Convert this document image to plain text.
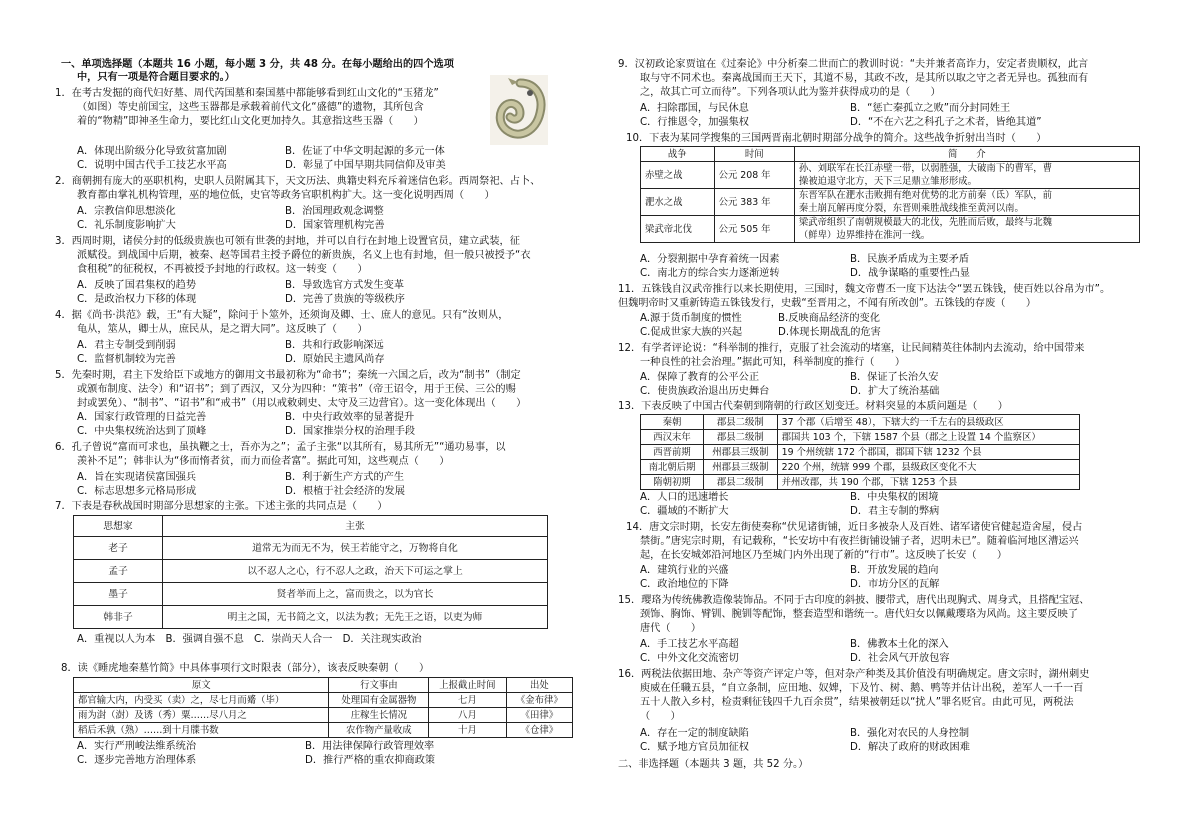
一、单项选择题（本题共 16 小题，每小题 3 分，共 48 分。在每小题给出的四个选项
中，只有一项是符合题目要求的。）
1．在考古发掘的商代妇好墓、周代芮国墓和秦国墓中都能够看到红山文化的“玉猪龙”
（如图）等史前国宝，这些玉器都是承载着前代文化“盛德”的遗物，其所包含
着的“物精”即神圣生命力，要比红山文化更加持久。其意指这些玉器（　　）
A．体现出阶级分化导致贫富加剧	B．佐证了中华文明起源的多元一体
C．说明中国古代手工技艺水平高	D．彰显了中国早期共同信仰及审美
2．商朝拥有庞大的巫职机构，史职人员附属其下，天文历法、典籍史料充斥着迷信色彩。西周祭祀、占卜、
教育都由掌礼机构管理，巫的地位低，史官等政务官职机构扩大。这一变化说明西周（　　）
A．宗教信仰思想淡化	B．治国理政观念调整
C．礼乐制度影响扩大	D．国家管理机构完善
3．西周时期，诸侯分封的低级贵族也可领有世袭的封地，并可以自行在封地上设置官员，建立武装，征
派赋役。到战国中后期，被秦、赵等国君主授予爵位的新贵族，名义上也有封地，但一般只被授予“衣
食租税”的征税权，不再被授予封地的行政权。这一转变（　　）
A．反映了国君集权的趋势	B．导致选官方式发生变革
C．是政治权力下移的体现	D．完善了贵族的等级秩序
4．据《尚书·洪范》载，王“有大疑”，除问于卜筮外，还须询及卿、士、庶人的意见。只有“汝则从，
龟从，筮从，卿士从，庶民从，是之谓大同”。这反映了（　　）
A．君主专制受到削弱	B．共和行政影响深远
C．监督机制较为完善	D．原始民主遗风尚存
5．先秦时期，君主下发给臣下或地方的御用文书最初称为“命书”；秦统一六国之后，改为“制书”（制定
或颁布制度、法令）和“诏书”；到了西汉，又分为四种：“策书”（帝王诏令，用于王侯、三公的赐
封或罢免）、“制书”、“诏书”和“戒书”（用以戒敕刺史、太守及三边营官）。这一变化体现出（　　）
A．国家行政管理的日益完善	B．中央行政效率的显著提升
C．中央集权统治达到了顶峰	D．国家推崇分权的治理手段
6．孔子曾说“富而可求也，虽执鞭之士，吾亦为之”；孟子主张“以其所有，易其所无”“通功易事，以
羡补不足”；韩非认为“侈而惰者贫，而力而俭者富”。据此可知，这些观点（　　）
A．旨在实现诸侯富国强兵	B．利于新生产方式的产生
C．标志思想多元格局形成	D．根植于社会经济的发展
7．下表是春秋战国时期部分思想家的主张。下述主张的共同点是（　　）
思想家	主张
老子	道常无为而无不为，侯王若能守之，万物将自化
孟子	以不忍人之心，行不忍人之政，治天下可运之掌上
墨子	贤者举而上之，富而贵之，以为官长
韩非子	明主之国，无书简之文，以法为教；无先王之语，以吏为师
A．重视以人为本　B．强调自强不息　C．崇尚天人合一　D．关注现实政治
8．读《睡虎地秦墓竹简》中具体事项行文时限表（部分），该表反映秦朝（　　）
原文	行文事由	上报截止时间	出处
都官输大内，内受买（卖）之，尽七月而觱（毕）	处理国有金属器物	七月	《金布律》
雨为湗（澍）及诱（秀）粟……尽八月之	庄稼生长情况	八月	《田律》
稻后禾孰（熟）……到十月牒书数	农作物产量收成	十月	《仓律》
A．实行严刑峻法维系统治	B．用法律保障行政管理效率
C．逐步完善地方治理体系	D．推行严格的重农抑商政策
9．汉初政论家贾谊在《过秦论》中分析秦二世而亡的教训时说：“夫并兼者高诈力，安定者贵顺权，此言
取与守不同术也。秦离战国而王天下，其道不易，其政不改，是其所以取之守之者无异也。孤独而有
之，故其亡可立而待”。下列各项认此为鉴并获得成功的是（　　）
A．扫除郡国，与民休息	B．“惩亡秦孤立之败”而分封同姓王
C．行推恩令，加强集权	D．“不在六艺之科孔子之术者，皆绝其道”
10．下表为某同学搜集的三国两晋南北朝时期部分战争的简介。这些战争折射出当时（　　）
战争	时间	简　　介
赤壁之战	公元 208 年	孙、刘联军在长江赤壁一带，以弱胜强，大破南下的曹军，曹
操被迫退守北方，天下三足鼎立雏形形成。

淝水之战	公元 383 年	东晋军队在淝水击败拥有绝对优势的北方前秦（氐）军队，前
秦土崩瓦解再度分裂，东晋则乘胜战线推至黄河以南。

梁武帝北伐	公元 505 年	梁武帝组织了南朝规模最大的北伐，先胜而后败，最终与北魏
（鲜卑）边界维持在淮河一线。
A．分裂割据中孕育着统一因素	B．民族矛盾成为主要矛盾
C．南北方的综合实力逐渐逆转	D．战争谋略的重要性凸显
11．五铢钱自汉武帝推行以来长期使用，三国时，魏文帝曹丕一度下达法令“罢五铢钱，使百姓以谷帛为市”。
但魏明帝时又重新铸造五铢钱发行，史载“至晋用之，不闻有所改创”。五铢钱的存废（　　）
A.源于货币制度的惯性	B.反映商品经济的变化
C.促成世家大族的兴起	D.体现长期战乱的危害
12．有学者评论说：“科举制的推行，克服了社会流动的堵塞，让民间精英往体制内去流动，给中国带来
一种良性的社会治理。”据此可知，科举制度的推行（　　）
A．保障了教育的公平公正	B．保证了长治久安
C．使贵族政治退出历史舞台	D．扩大了统治基础
13．下表反映了中国古代秦朝到隋朝的行政区划变迁。材料突显的本质问题是（　　）
秦朝	郡县二级制	37 个郡（后增至 48），下辖大约一千左右的县级政区
西汉末年	郡县二级制	郡国共 103 个，下辖 1587 个县（郡之上设置 14 个监察区）
西晋前期	州郡县三级制	19 个州统辖 172 个郡国，郡国下辖 1232 个县
南北朝后期	州郡县三级制	220 个州，统辖 999 个郡，县级政区变化不大
隋朝初期	郡县二级制	并州改郡，共 190 个郡，下辖 1253 个县
A．人口的迅速增长	B．中央集权的困境
C．疆域的不断扩大	D．君主专制的弊病
14．唐文宗时期，长安左街使奏称“伏见诸街铺，近日多被杂人及百姓、诸军诸使官健起造舍屋，侵占
禁街。”唐宪宗时期，有记载称，“长安坊中有夜拦街铺设铺子者，迟明未已”。随着临河地区漕运兴
起，在长安城郊沿河地区乃至城门内外出现了新的“行市”。这反映了长安（　　）
A．建筑行业的兴盛	B．开放发展的趋向
C．政治地位的下降	D．市坊分区的瓦解
15．璎珞为传统佛教造像装饰品。不同于古印度的斜披、腰带式，唐代出现胸式、周身式，且搭配宝冠、
颈饰、胸饰、臂钏、腕钏等配饰，整套造型和谐统一。唐代妇女以佩戴璎珞为风尚。这主要反映了
唐代（　　）
A．手工技艺水平高超	B．佛教本土化的深入
C．中外文化交流密切	D．社会风气开放包容
16．两税法依据田地、杂产等资产评定户等，但对杂产种类及其价值没有明确规定。唐文宗时，湖州刺史
庾威在任職五县，“自立条制，应田地、奴婢，下及竹、树、鹅、鸭等并估计出税，差军人一千一百
五十人散入乡村，检责剩征钱四千九百余贯”，结果被朝廷以“扰人”罪名贬官。由此可见，两税法
（　　）
A．存在一定的制度缺陷	B．强化对农民的人身控制
C．赋予地方官员加征权	D．解决了政府的财政困难
二、非选择题（本题共 3 题，共 52 分。）
